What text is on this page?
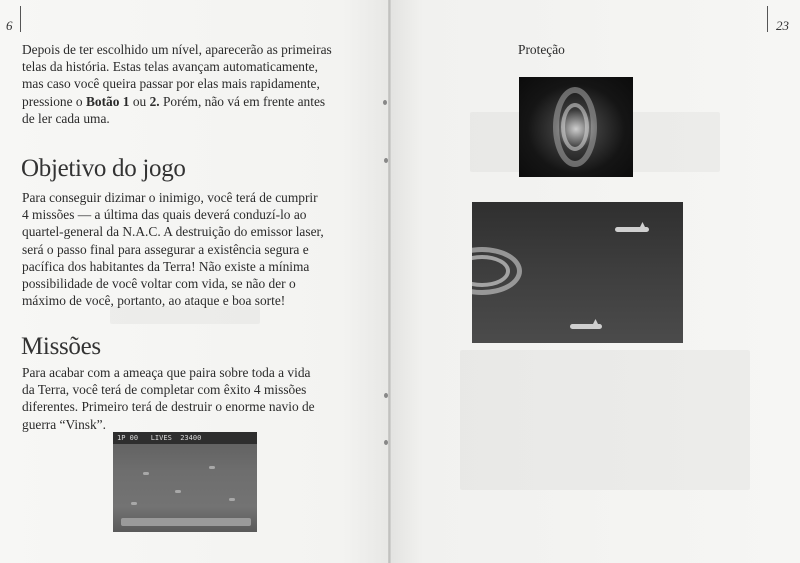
6	23
Depois de ter escolhido um nível, aparecerão as primeiras
telas da história. Estas telas avançam automaticamente,
mas caso você queira passar por elas mais rapidamente,
pressione o Botão 1 ou 2. Porém, não vá em frente antes
de ler cada uma.
Objetivo do jogo
Para conseguir dizimar o inimigo, você terá de cumprir
4 missões — a última das quais deverá conduzí-lo ao
quartel-general da N.A.C. A destruição do emissor laser,
será o passo final para assegurar a existência segura e
pacífica dos habitantes da Terra! Não existe a mínima
possibilidade de você voltar com vida, se não der o
máximo de você, portanto, ao ataque e boa sorte!
Missões
Para acabar com a ameaça que paira sobre toda a vida
da Terra, você terá de completar com êxito 4 missões
diferentes. Primeiro terá de destruir o enorme navio de
guerra “Vinsk”.
1P 00   LIVES  23400
Proteção
